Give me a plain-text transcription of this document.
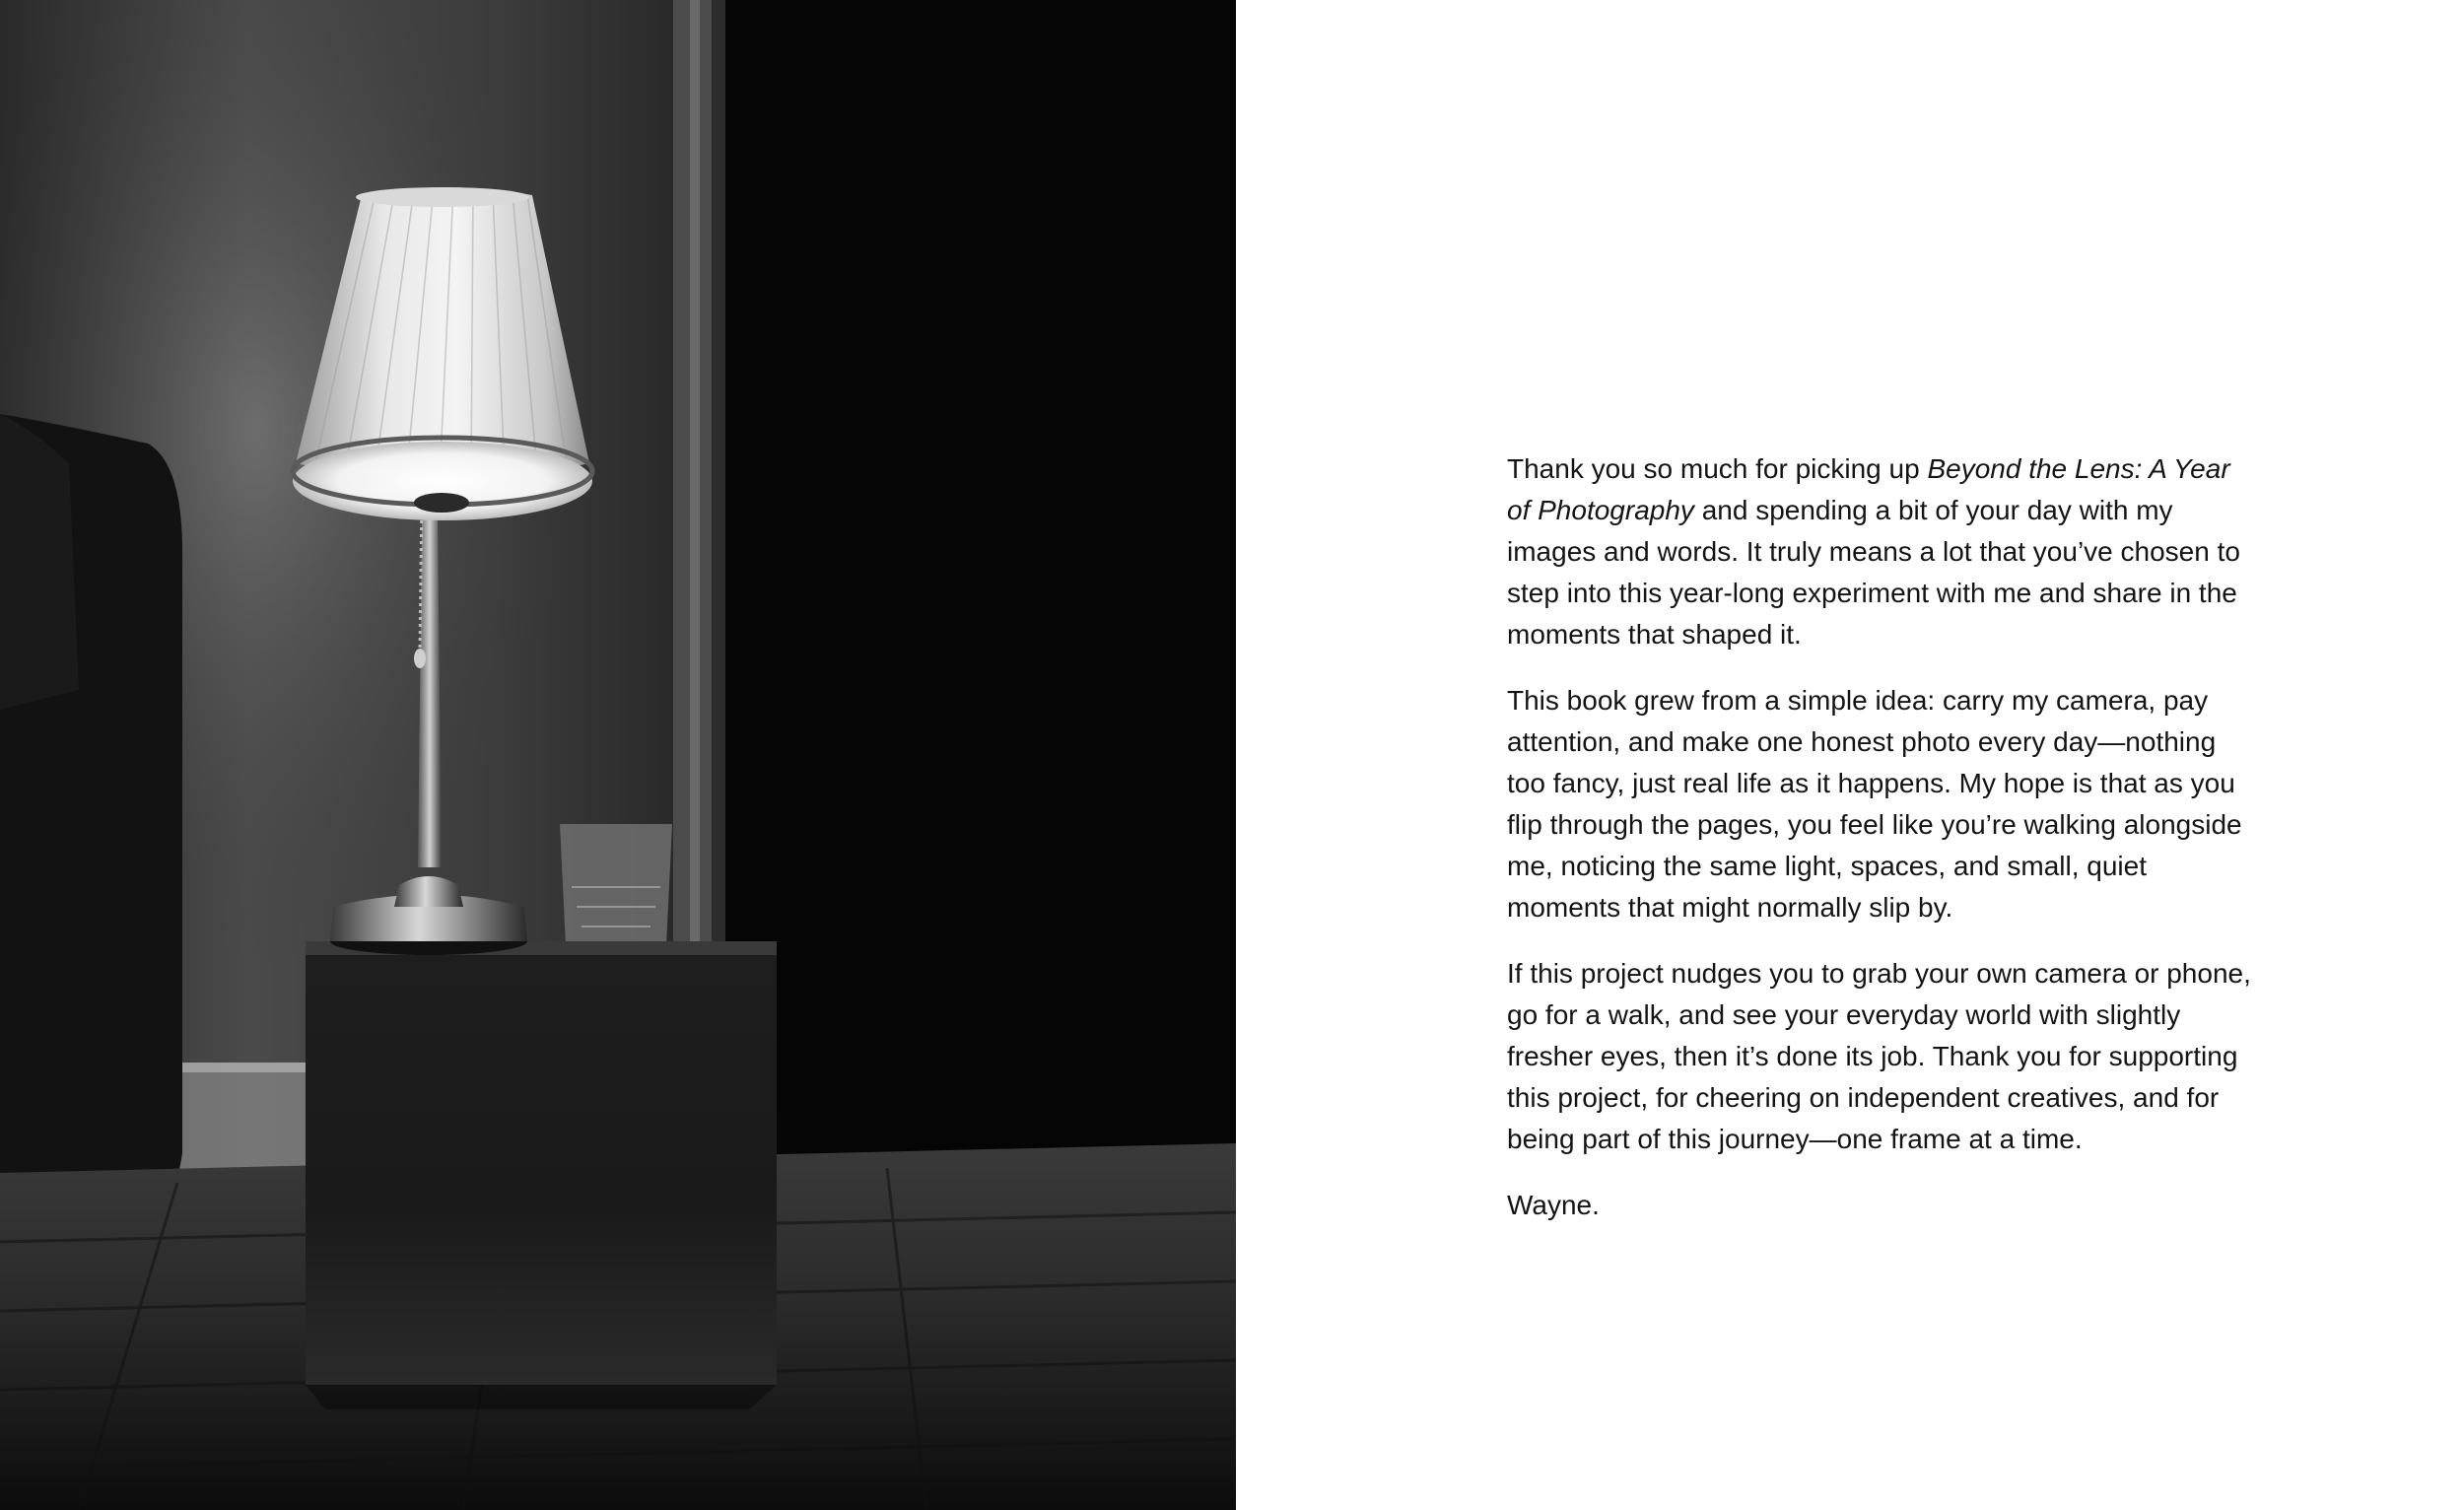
Thank you so much for picking up Beyond the Lens: A Year of Photography and spending a bit of your day with my images and words. It truly means a lot that you’ve chosen to step into this year-long experiment with me and share in the moments that shaped it.

This book grew from a simple idea: carry my camera, pay attention, and make one honest photo every day—nothing too fancy, just real life as it happens. My hope is that as you flip through the pages, you feel like you’re walking alongside me, noticing the same light, spaces, and small, quiet moments that might normally slip by.

If this project nudges you to grab your own camera or phone, go for a walk, and see your everyday world with slightly fresher eyes, then it’s done its job. Thank you for supporting this project, for cheering on independent creatives, and for being part of this journey—one frame at a time.

Wayne.
